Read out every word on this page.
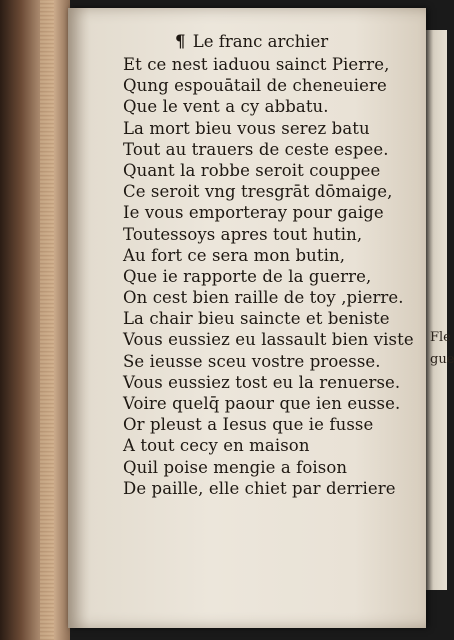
Fle
gue
¶ Le franc archier
Et ce nest iaduou sainct Pierre,
Qung espouātail de cheneuiere
Que le vent a cy abbatu.
La mort bieu vous serez batu
Tout au trauers de ceste espee.
Quant la robbe seroit couppee
Ce seroit vng tresgrāt dōmaige,
Ie vous emporteray pour gaige
Toutessoys apres tout hutin,
Au fort ce sera mon butin,
Que ie rapporte de la guerre,
On cest bien raille de toy ,pierre.
La chair bieu saincte et beniste
Vous eussiez eu lassault bien viste
Se ieusse sceu vostre proesse.
Vous eussiez tost eu la renuerse.
Voire quelq̄ paour que ien eusse.
Or pleust a Iesus que ie fusse
A tout cecy en maison
Quil poise mengie a foison
De paille, elle chiet par derriere
